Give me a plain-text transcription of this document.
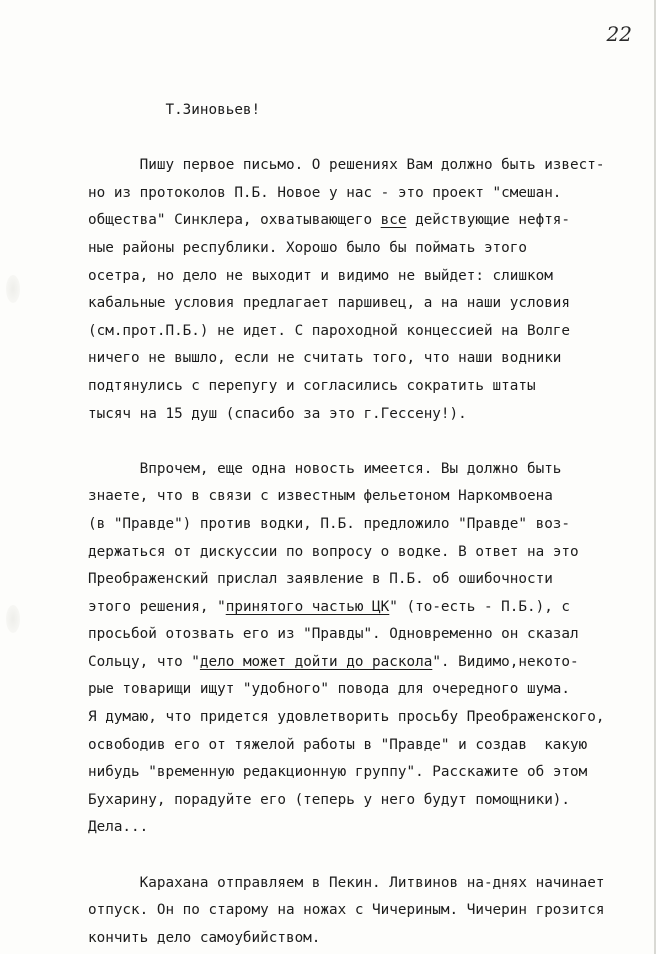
22
Т.Зиновьев!
Пишу первое письмо. О решениях Вам должно быть извест-
но из протоколов П.Б. Новое у нас - это проект "смешан.
общества" Синклера, охватывающего все действующие нефтя-
ные районы республики. Хорошо было бы поймать этого
осетра, но дело не выходит и видимо не выйдет: слишком
кабальные условия предлагает паршивец, а на наши условия
(см.прот.П.Б.) не идет. С пароходной концессией на Волге
ничего не вышло, если не считать того, что наши водники
подтянулись с перепугу и согласились сократить штаты
тысяч на 15 душ (спасибо за это г.Гессену!).
Впрочем, еще одна новость имеется. Вы должно быть
знаете, что в связи с известным фельетоном Наркомвоена
(в "Правде") против водки, П.Б. предложило "Правде" воз-
держаться от дискуссии по вопросу о водке. В ответ на это
Преображенский прислал заявление в П.Б. об ошибочности
этого решения, "принятого частью ЦК" (то-есть - П.Б.), с
просьбой отозвать его из "Правды". Одновременно он сказал
Сольцу, что "дело может дойти до раскола". Видимо,некото-
рые товарищи ищут "удобного" повода для очередного шума.
Я думаю, что придется удовлетворить просьбу Преображенского,
освободив его от тяжелой работы в "Правде" и создав  какую
нибудь "временную редакционную группу". Расскажите об этом
Бухарину, порадуйте его (теперь у него будут помощники).
Дела...
Карахана отправляем в Пекин. Литвинов на-днях начинает
отпуск. Он по старому на ножах с Чичериным. Чичерин грозится
кончить дело самоубийством.
